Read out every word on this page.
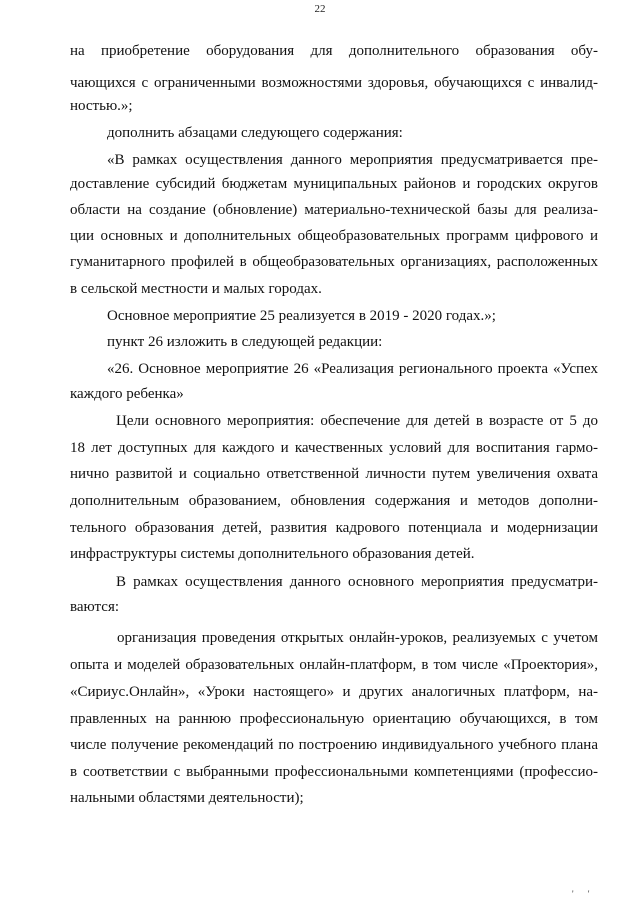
22
на приобретение оборудования для дополнительного образования обу-
чающихся с ограниченными возможностями здоровья, обучающихся с инвалид-
ностью.»;
дополнить абзацами следующего содержания:
«В рамках осуществления данного мероприятия предусматривается пре-
доставление субсидий бюджетам муниципальных районов и городских округов
области на создание (обновление) материально-технической базы для реализа-
ции основных и дополнительных общеобразовательных программ цифрового и
гуманитарного профилей в общеобразовательных организациях, расположенных
в сельской местности и малых городах.
Основное мероприятие 25 реализуется в 2019 - 2020 годах.»;
пункт 26 изложить в следующей редакции:
«26. Основное мероприятие 26 «Реализация регионального проекта «Успех
каждого ребенка»
Цели основного мероприятия: обеспечение для детей в возрасте от 5 до
18 лет доступных для каждого и качественных условий для воспитания гармо-
нично развитой и социально ответственной личности путем увеличения охвата
дополнительным образованием, обновления содержания и методов дополни-
тельного образования детей, развития кадрового потенциала и модернизации
инфраструктуры системы дополнительного образования детей.
В рамках осуществления данного основного мероприятия предусматри-
ваются:
организация проведения открытых онлайн-уроков, реализуемых с учетом
опыта и моделей образовательных онлайн-платформ, в том числе «Проектория»,
«Сириус.Онлайн», «Уроки настоящего» и других аналогичных платформ, на-
правленных на раннюю профессиональную ориентацию обучающихся, в том
числе получение рекомендаций по построению индивидуального учебного плана
в соответствии с выбранными профессиональными компетенциями (профессио-
нальными областями деятельности);
' '
